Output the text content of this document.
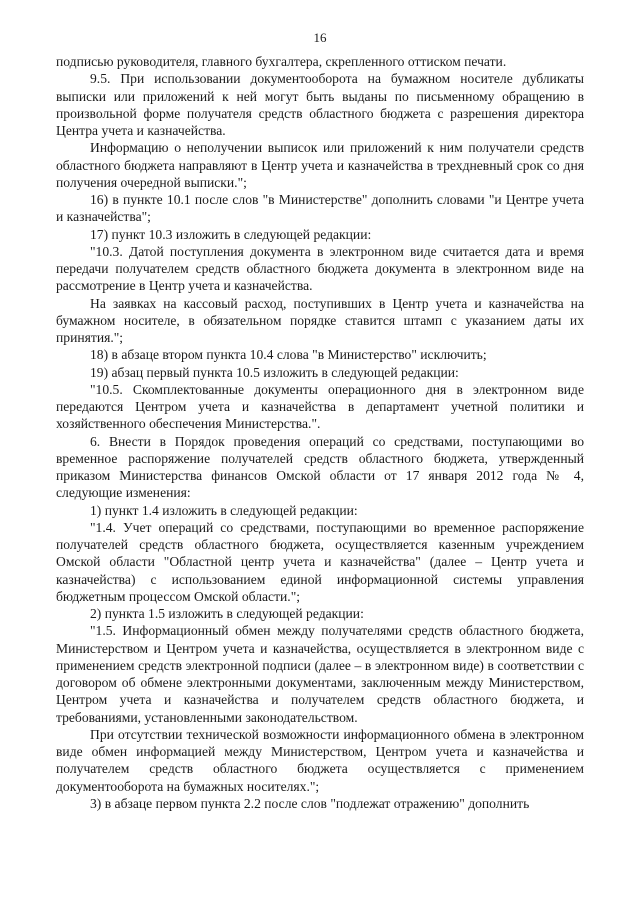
16

подписью руководителя, главного бухгалтера, скрепленного оттиском печати.

9.5. При использовании документооборота на бумажном носителе дубликаты выписки или приложений к ней могут быть выданы по письменному обращению в произвольной форме получателя средств областного бюджета с разрешения директора Центра учета и казначейства.

Информацию о неполучении выписок или приложений к ним получатели средств областного бюджета направляют в Центр учета и казначейства в трехдневный срок со дня получения очередной выписки.";

16) в пункте 10.1 после слов "в Министерстве" дополнить словами "и Центре учета и казначейства";

17) пункт 10.3 изложить в следующей редакции:

"10.3. Датой поступления документа в электронном виде считается дата и время передачи получателем средств областного бюджета документа в электронном виде на рассмотрение в Центр учета и казначейства.

На заявках на кассовый расход, поступивших в Центр учета и казначейства на бумажном носителе, в обязательном порядке ставится штамп с указанием даты их принятия.";

18) в абзаце втором пункта 10.4 слова "в Министерство" исключить;

19) абзац первый пункта 10.5 изложить в следующей редакции:

"10.5. Скомплектованные документы операционного дня в электронном виде передаются Центром учета и казначейства в департамент учетной политики и хозяйственного обеспечения Министерства.".

6. Внести в Порядок проведения операций со средствами, поступающими во временное распоряжение получателей средств областного бюджета, утвержденный приказом Министерства финансов Омской области от 17 января 2012 года № 4, следующие изменения:

1) пункт 1.4 изложить в следующей редакции:

"1.4. Учет операций со средствами, поступающими во временное распоряжение получателей средств областного бюджета, осуществляется казенным учреждением Омской области "Областной центр учета и казначейства" (далее – Центр учета и казначейства) с использованием единой информационной системы управления бюджетным процессом Омской области.";

2) пункта 1.5 изложить в следующей редакции:

"1.5. Информационный обмен между получателями средств областного бюджета, Министерством и Центром учета и казначейства, осуществляется в электронном виде с применением средств электронной подписи (далее – в электронном виде) в соответствии с договором об обмене электронными документами, заключенным между Министерством, Центром учета и казначейства и получателем средств областного бюджета, и требованиями, установленными законодательством.

При отсутствии технической возможности информационного обмена в электронном виде обмен информацией между Министерством, Центром учета и казначейства и получателем средств областного бюджета осуществляется с применением документооборота на бумажных носителях.";

3) в абзаце первом пункта 2.2 после слов "подлежат отражению" дополнить
